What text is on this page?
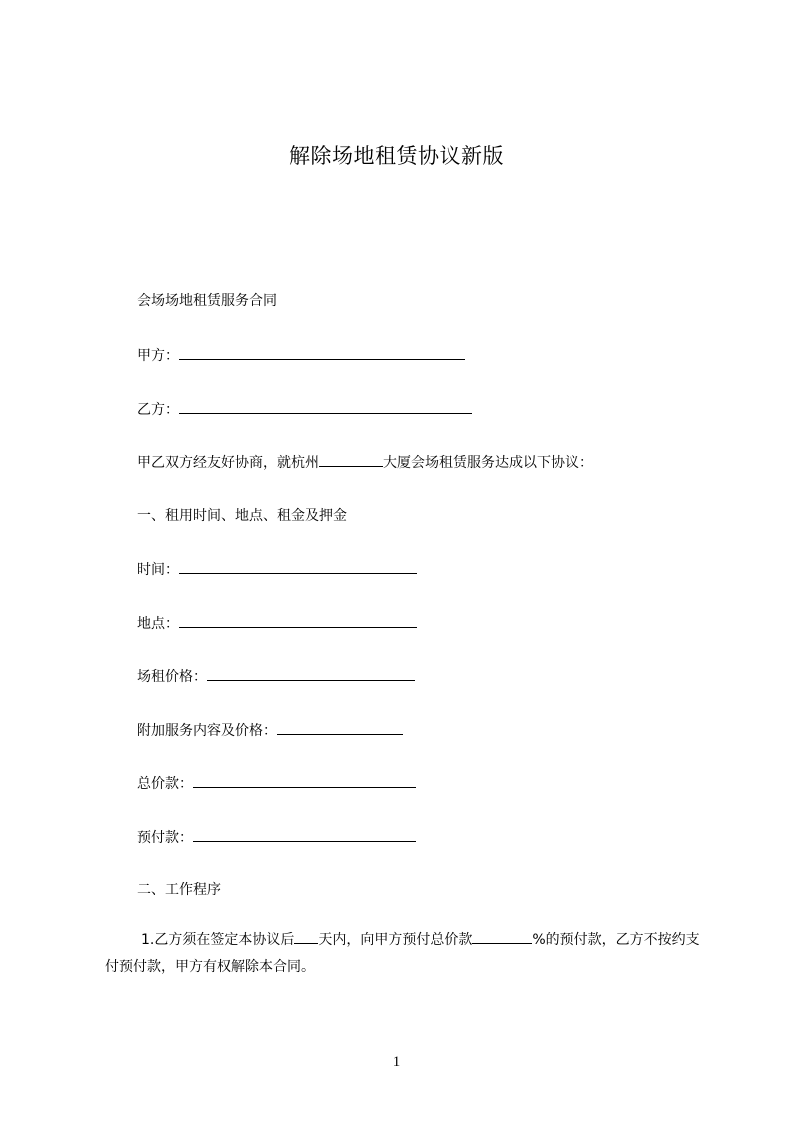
解除场地租赁协议新版
会场场地租赁服务合同
甲方：
乙方：
甲乙双方经友好协商，就杭州	大厦会场租赁服务达成以下协议：
一、租用时间、地点、租金及押金
时间：
地点：
场租价格：
附加服务内容及价格：
总价款：
预付款：
二、工作程序
1.乙方须在签定本协议后 天内，向甲方预付总价款	%的预付款，乙方不按约支付预付款，甲方有权解除本合同。
1
